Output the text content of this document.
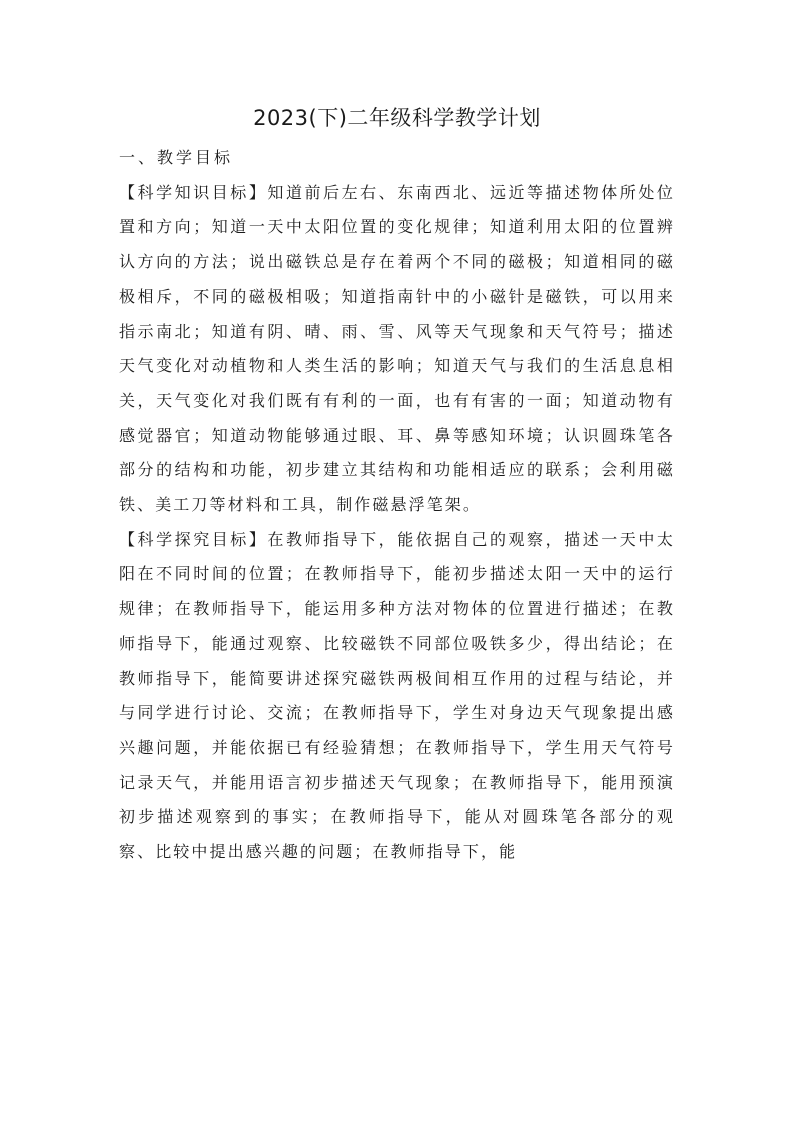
2023(下)二年级科学教学计划

一、教学目标

【科学知识目标】知道前后左右、东南西北、远近等描述物体所处位置和方向；知道一天中太阳位置的变化规律；知道利用太阳的位置辨认方向的方法；说出磁铁总是存在着两个不同的磁极；知道相同的磁极相斥，不同的磁极相吸；知道指南针中的小磁针是磁铁，可以用来指示南北；知道有阴、晴、雨、雪、风等天气现象和天气符号；描述天气变化对动植物和人类生活的影响；知道天气与我们的生活息息相关，天气变化对我们既有有利的一面，也有有害的一面；知道动物有感觉器官；知道动物能够通过眼、耳、鼻等感知环境；认识圆珠笔各部分的结构和功能，初步建立其结构和功能相适应的联系；会利用磁铁、美工刀等材料和工具，制作磁悬浮笔架。

【科学探究目标】在教师指导下，能依据自己的观察，描述一天中太阳在不同时间的位置；在教师指导下，能初步描述太阳一天中的运行规律；在教师指导下，能运用多种方法对物体的位置进行描述；在教师指导下，能通过观察、比较磁铁不同部位吸铁多少，得出结论；在教师指导下，能简要讲述探究磁铁两极间相互作用的过程与结论，并与同学进行讨论、交流；在教师指导下，学生对身边天气现象提出感兴趣问题，并能依据已有经验猜想；在教师指导下，学生用天气符号记录天气，并能用语言初步描述天气现象；在教师指导下，能用预演初步描述观察到的事实；在教师指导下，能从对圆珠笔各部分的观察、比较中提出感兴趣的问题；在教师指导下，能
